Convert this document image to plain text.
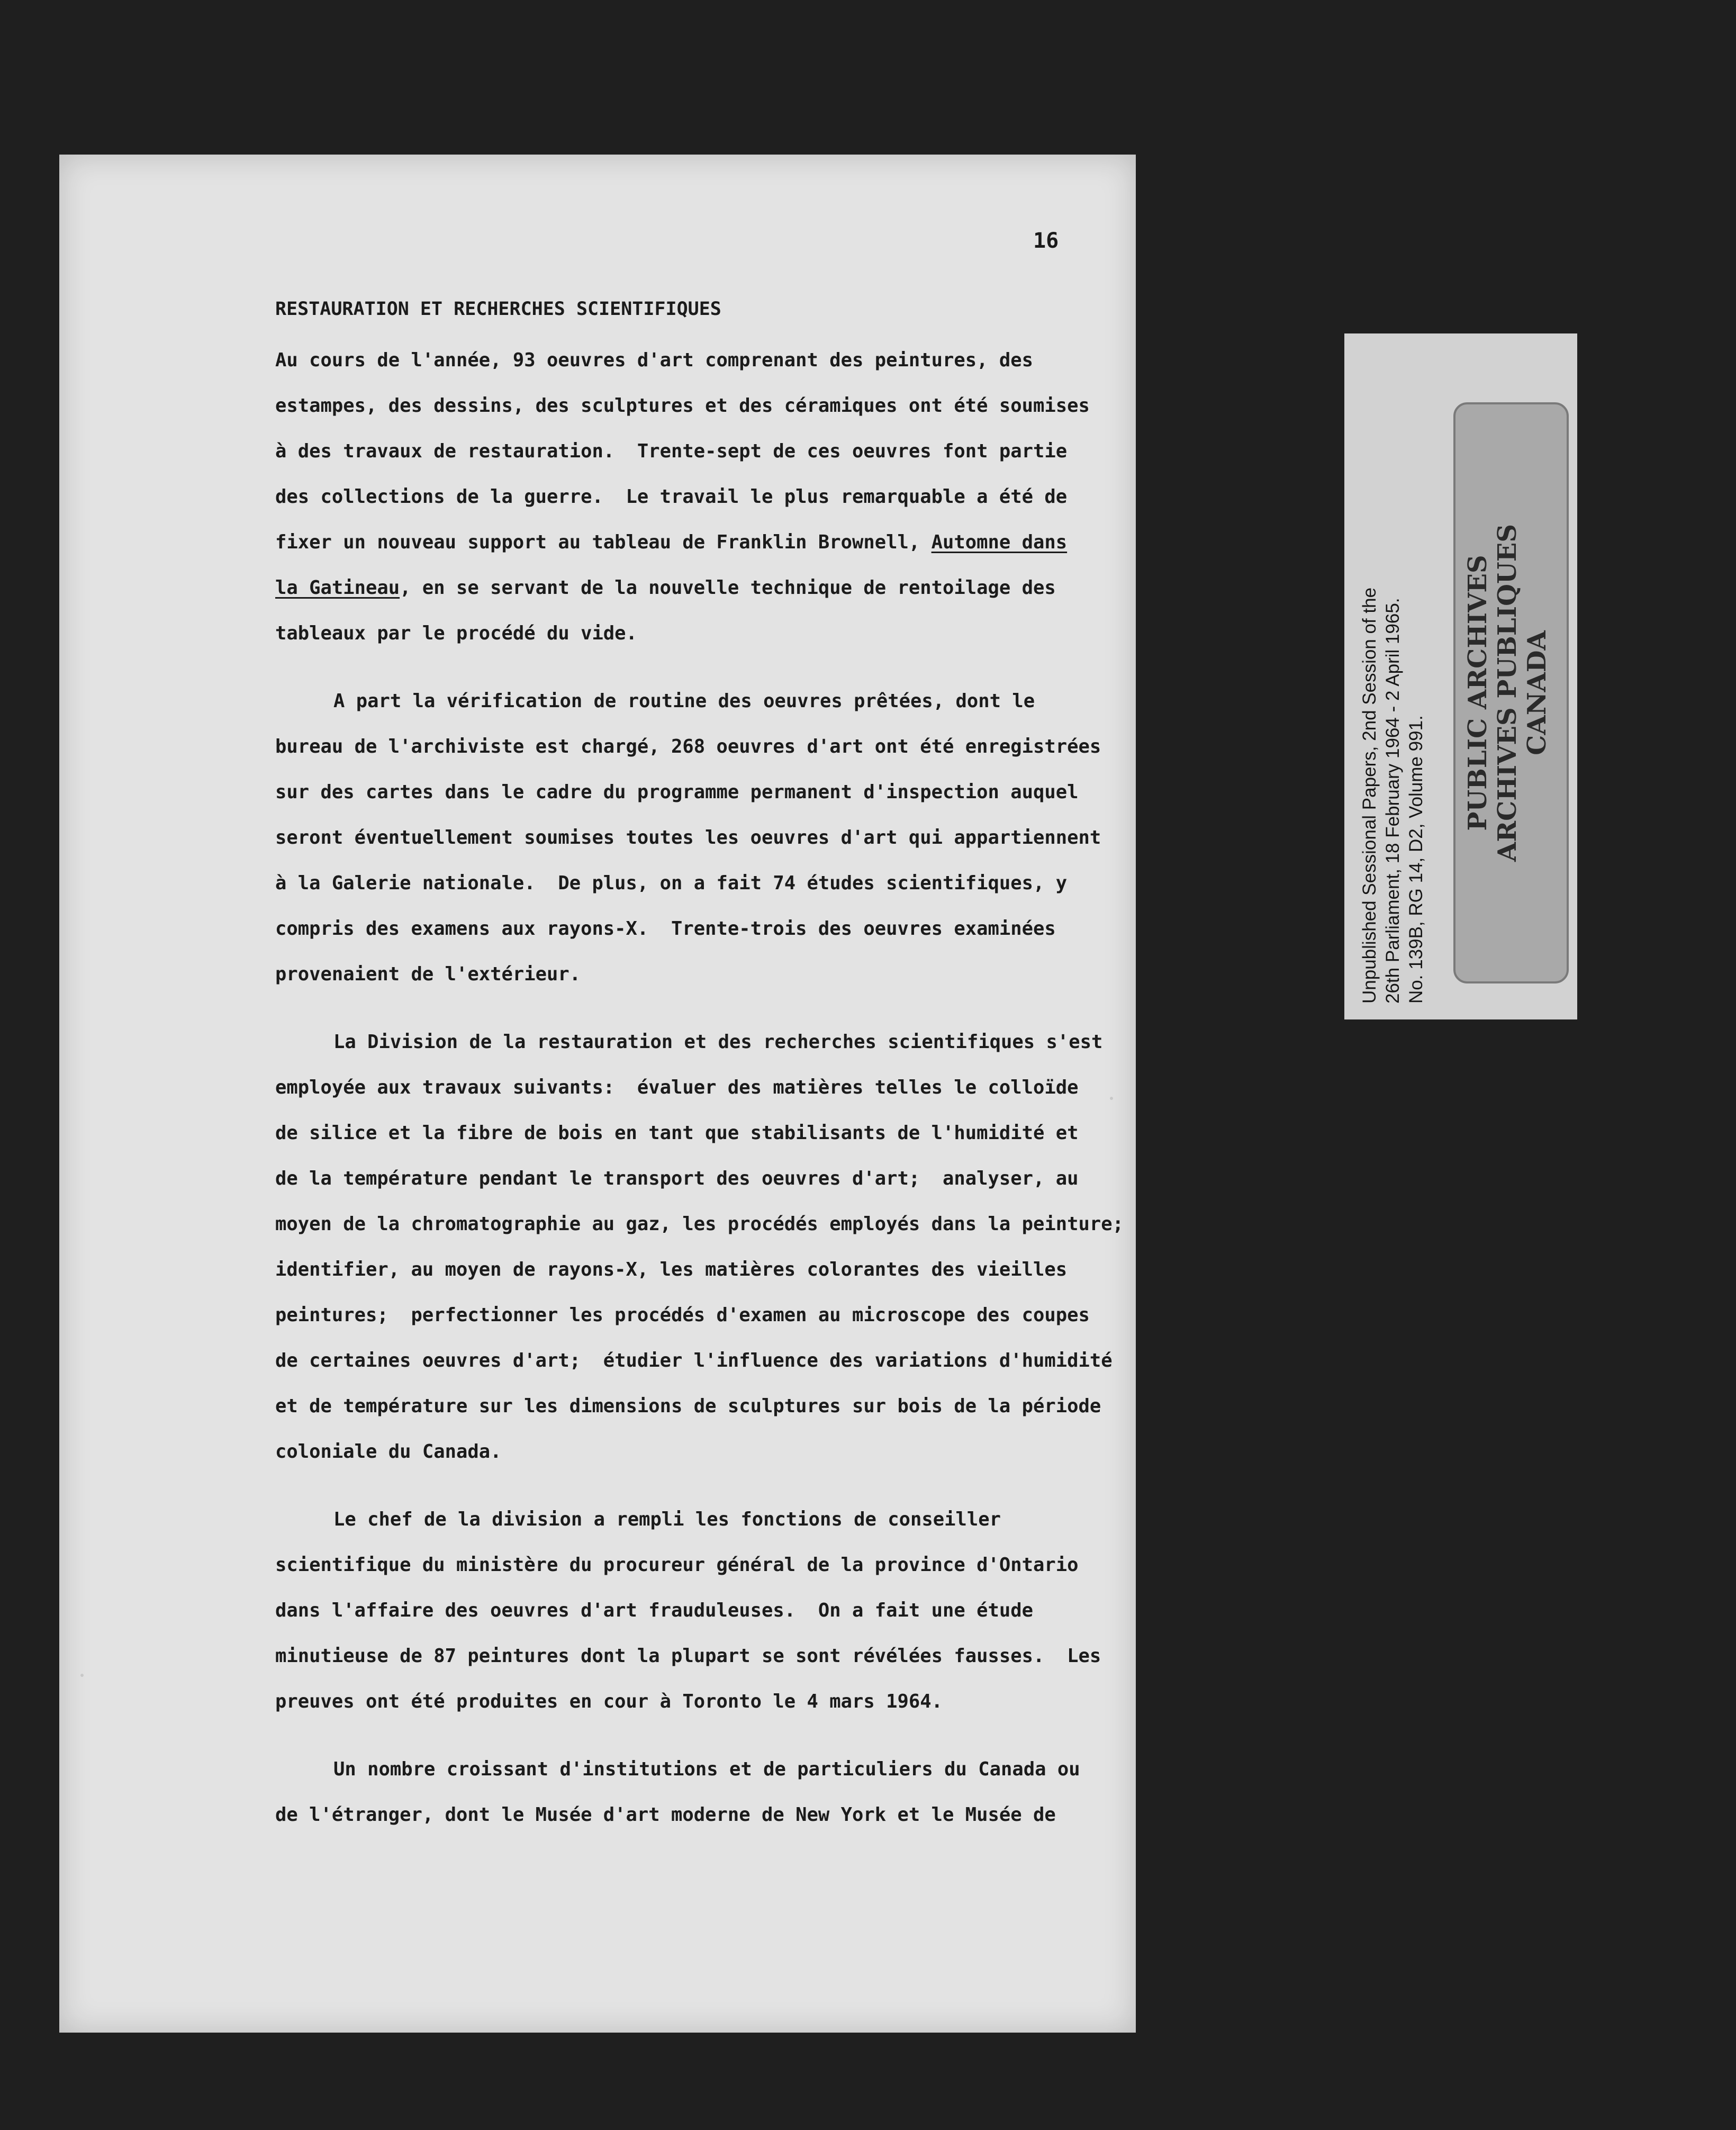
16

RESTAURATION ET RECHERCHES SCIENTIFIQUES

Au cours de l'année, 93 oeuvres d'art comprenant des peintures, des
estampes, des dessins, des sculptures et des céramiques ont été soumises
à des travaux de restauration.  Trente-sept de ces oeuvres font partie
des collections de la guerre.  Le travail le plus remarquable a été de
fixer un nouveau support au tableau de Franklin Brownell, Automne dans
la Gatineau, en se servant de la nouvelle technique de rentoilage des
tableaux par le procédé du vide.
A part la vérification de routine des oeuvres prêtées, dont le
bureau de l'archiviste est chargé, 268 oeuvres d'art ont été enregistrées
sur des cartes dans le cadre du programme permanent d'inspection auquel
seront éventuellement soumises toutes les oeuvres d'art qui appartiennent
à la Galerie nationale.  De plus, on a fait 74 études scientifiques, y
compris des examens aux rayons-X.  Trente-trois des oeuvres examinées
provenaient de l'extérieur.
La Division de la restauration et des recherches scientifiques s'est
employée aux travaux suivants:  évaluer des matières telles le colloïde
de silice et la fibre de bois en tant que stabilisants de l'humidité et
de la température pendant le transport des oeuvres d'art;  analyser, au
moyen de la chromatographie au gaz, les procédés employés dans la peinture;
identifier, au moyen de rayons-X, les matières colorantes des vieilles
peintures;  perfectionner les procédés d'examen au microscope des coupes
de certaines oeuvres d'art;  étudier l'influence des variations d'humidité
et de température sur les dimensions de sculptures sur bois de la période
coloniale du Canada.
Le chef de la division a rempli les fonctions de conseiller
scientifique du ministère du procureur général de la province d'Ontario
dans l'affaire des oeuvres d'art frauduleuses.  On a fait une étude
minutieuse de 87 peintures dont la plupart se sont révélées fausses.  Les
preuves ont été produites en cour à Toronto le 4 mars 1964.
Un nombre croissant d'institutions et de particuliers du Canada ou
de l'étranger, dont le Musée d'art moderne de New York et le Musée de

Unpublished Sessional Papers, 2nd Session of the 26th Parliament, 18 February 1964 - 2 April 1965. No. 139B, RG 14, D2, Volume 991.

PUBLIC ARCHIVES ARCHIVES PUBLIQUES CANADA
